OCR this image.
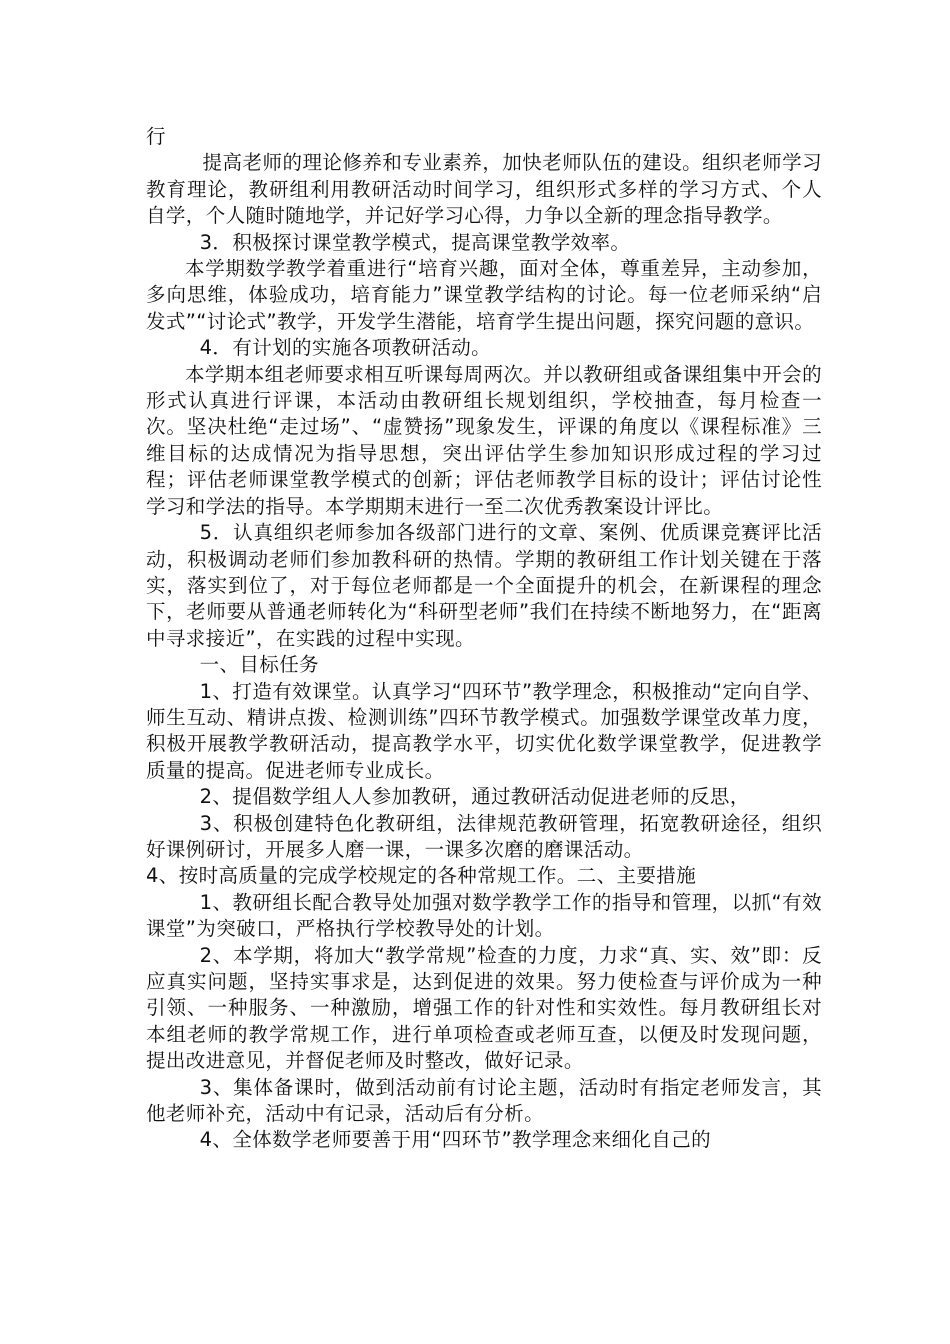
行

提高老师的理论修养和专业素养，加快老师队伍的建设。组织老师学习教育理论，教研组利用教研活动时间学习，组织形式多样的学习方式、个人自学，个人随时随地学，并记好学习心得，力争以全新的理念指导教学。

3．积极探讨课堂教学模式，提高课堂教学效率。

本学期数学教学着重进行“培育兴趣，面对全体，尊重差异，主动参加，多向思维，体验成功，培育能力”课堂教学结构的讨论。每一位老师采纳“启发式”“讨论式”教学，开发学生潜能，培育学生提出问题，探究问题的意识。

4．有计划的实施各项教研活动。

本学期本组老师要求相互听课每周两次。并以教研组或备课组集中开会的形式认真进行评课，本活动由教研组长规划组织，学校抽查，每月检查一次。坚决杜绝“走过场”、“虚赞扬”现象发生，评课的角度以《课程标准》三维目标的达成情况为指导思想，突出评估学生参加知识形成过程的学习过程；评估老师课堂教学模式的创新；评估老师教学目标的设计；评估讨论性学习和学法的指导。本学期期末进行一至二次优秀教案设计评比。

5．认真组织老师参加各级部门进行的文章、案例、优质课竞赛评比活动，积极调动老师们参加教科研的热情。学期的教研组工作计划关键在于落实，落实到位了，对于每位老师都是一个全面提升的机会，在新课程的理念下，老师要从普通老师转化为“科研型老师”我们在持续不断地努力，在“距离中寻求接近”，在实践的过程中实现。

一、目标任务

1、打造有效课堂。认真学习“四环节”教学理念，积极推动“定向自学、师生互动、精讲点拨、检测训练”四环节教学模式。加强数学课堂改革力度，积极开展教学教研活动，提高教学水平，切实优化数学课堂教学，促进教学质量的提高。促进老师专业成长。

2、提倡数学组人人参加教研，通过教研活动促进老师的反思，

3、积极创建特色化教研组，法律规范教研管理，拓宽教研途径，组织好课例研讨，开展多人磨一课，一课多次磨的磨课活动。

4、按时高质量的完成学校规定的各种常规工作。二、主要措施

1、教研组长配合教导处加强对数学教学工作的指导和管理，以抓“有效课堂”为突破口，严格执行学校教导处的计划。

2、本学期，将加大“教学常规”检查的力度，力求“真、实、效”即：反应真实问题，坚持实事求是，达到促进的效果。努力使检查与评价成为一种引领、一种服务、一种激励，增强工作的针对性和实效性。每月教研组长对本组老师的教学常规工作，进行单项检查或老师互查，以便及时发现问题，提出改进意见，并督促老师及时整改，做好记录。

3、集体备课时，做到活动前有讨论主题，活动时有指定老师发言，其他老师补充，活动中有记录，活动后有分析。

4、全体数学老师要善于用“四环节”教学理念来细化自己的
